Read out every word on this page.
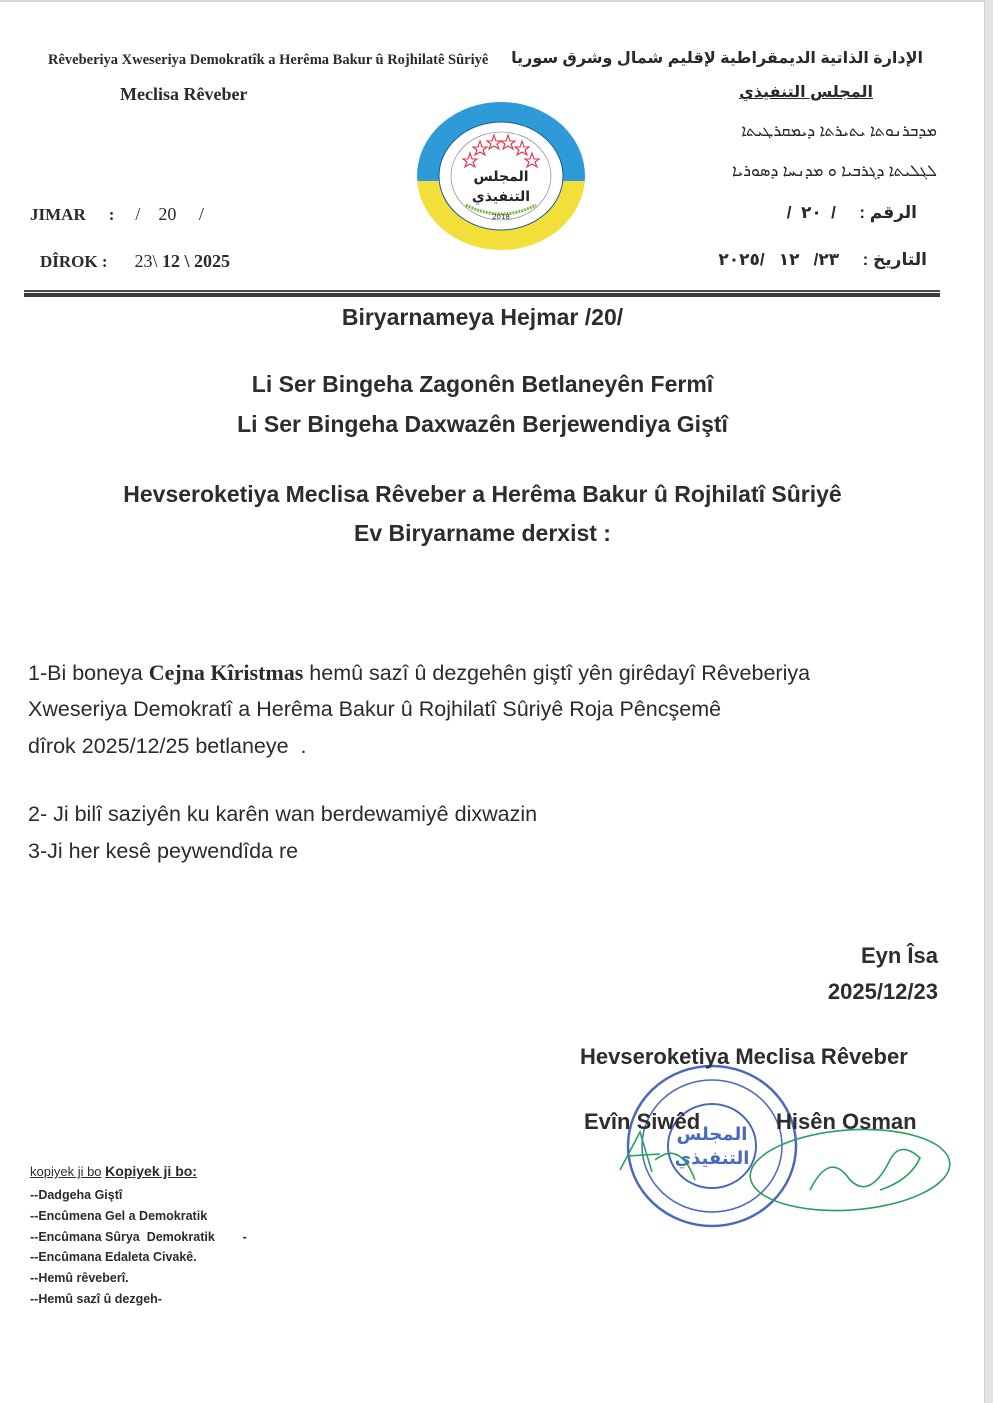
Rêveberiya Xweseriya Demokratîk a Herêma Bakur û Rojhilatê Sûriyê
Meclisa Rêveber
JIMAR : /    20     /
DÎROK : 23\ 12 \ 2025
الإدارة الذاتية الديمقراطية لإقليم شمال وشرق سوريا
المجلس التنفيذي
ܡܕܒܪܢܘܬܐ ܝܬܝܪܬܐ ܕܝܡܩܪܛܝܬܐ
ܠܓܠܝܬܐ ܕܓܪܒܝܐ ܘ ܡܕܢܚܐ ܕܣܘܪܝܐ
الرقم :  /  ٢٠  /
التاريخ :  ٢٣/   ١٢   /٢٠٢٥
المجلس
التنفيذي
2018
Biryarnameya Hejmar /20/
Li Ser Bingeha Zagonên Betlaneyên Fermî
Li Ser Bingeha Daxwazên Berjewendiya Giştî
Hevseroketiya Meclisa Rêveber a Herêma Bakur û Rojhilatî Sûriyê
Ev Biryarname derxist :
1-Bi boneya Cejna Kîristmas hemû sazî û dezgehên giştî yên girêdayî Rêveberiya
Xweseriya Demokratî a Herêma Bakur û Rojhilatî Sûriyê Roja Pêncşemê
dîrok 2025/12/25 betlaneye  .
2- Ji bilî saziyên ku karên wan berdewamiyê dixwazin
3-Ji her kesê peywendîda re
Eyn Îsa
2025/12/23
المجلس
التنفيذي
Hevseroketiya Meclisa Rêveber
Evîn Siwêd	Hisên Osman
kopiyek ji bo Kopiyek ji bo:
--Dadgeha Giştî
--Encûmena Gel a Demokratik
--Encûmana Sûrya  Demokratik        -
--Encûmana Edaleta Civakê.
--Hemû rêveberî.
--Hemû sazî û dezgeh-
